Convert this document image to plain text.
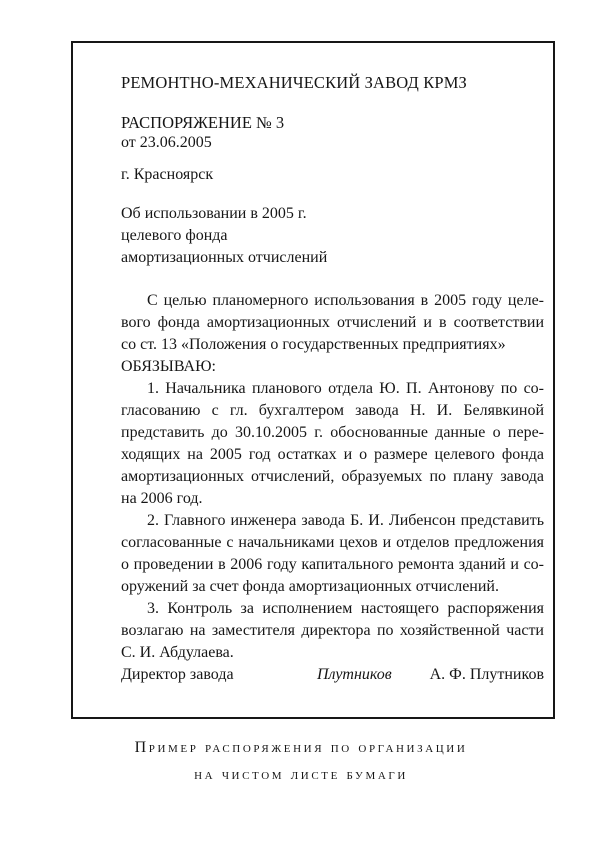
РЕМОНТНО-МЕХАНИЧЕСКИЙ ЗАВОД КРМЗ
РАСПОРЯЖЕНИЕ № 3
от 23.06.2005
г. Красноярск
Об использовании в 2005 г.
целевого фонда
амортизационных отчислений

С целью планомерного использования в 2005 году целевого фонда амортизационных отчислений и в соответствии со ст. 13 «Положения о государственных предприятиях»

ОБЯЗЫВАЮ:

1. Начальника планового отдела Ю. П. Антонову по согласованию с гл. бухгалтером завода Н. И. Белявкиной представить до 30.10.2005 г. обоснованные данные о переходящих на 2005 год остатках и о размере целевого фонда амортизационных отчислений, образуемых по плану завода на 2006 год.

2. Главного инженера завода Б. И. Либенсон представить согласованные с начальниками цехов и отделов предложения о проведении в 2006 году капитального ремонта зданий и сооружений за счет фонда амортизационных отчислений.

3. Контроль за исполнением настоящего распоряжения возлагаю на заместителя директора по хозяйственной части С. И. Абдулаева.

Директор завода	Плутников А. Ф. Плутников
Пример распоряжения по организации
на чистом листе бумаги
